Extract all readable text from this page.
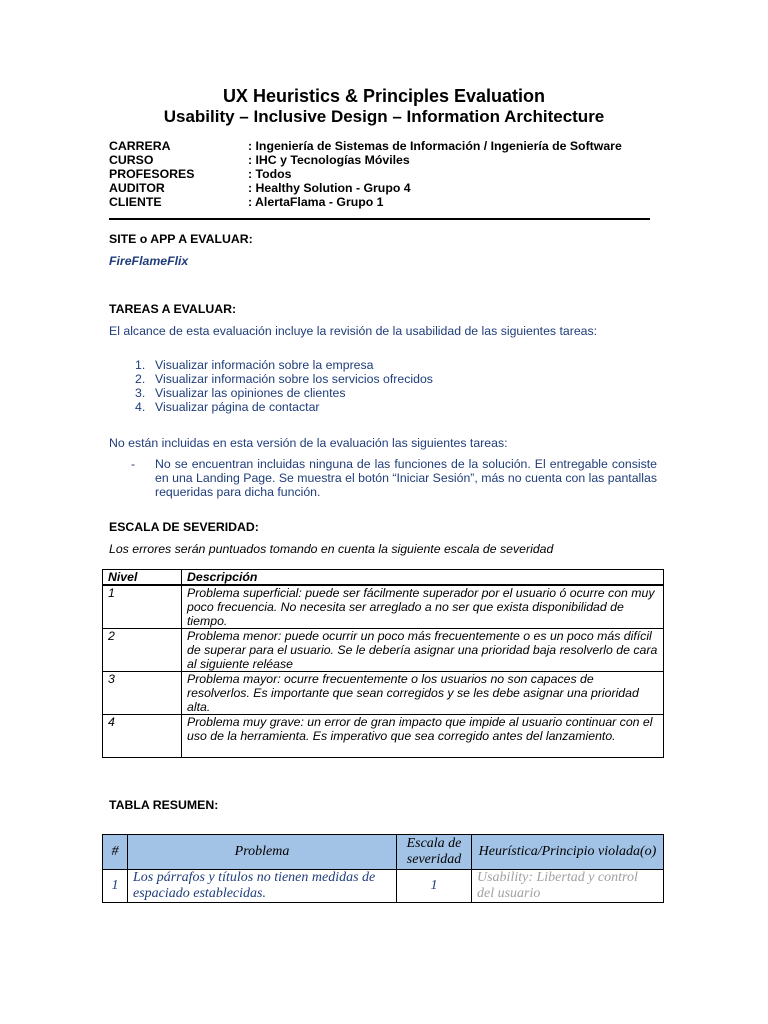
UX Heuristics & Principles Evaluation
Usability – Inclusive Design – Information Architecture
CARRERA	: Ingeniería de Sistemas de Información / Ingeniería de Software
CURSO	: IHC y Tecnologías Móviles
PROFESORES	: Todos
AUDITOR	: Healthy Solution - Grupo 4
CLIENTE	: AlertaFlama - Grupo 1
SITE o APP A EVALUAR:
FireFlameFlix
TAREAS A EVALUAR:
El alcance de esta evaluación incluye la revisión de la usabilidad de las siguientes tareas:
1. Visualizar información sobre la empresa
2. Visualizar información sobre los servicios ofrecidos
3. Visualizar las opiniones de clientes
4. Visualizar página de contactar
No están incluidas en esta versión de la evaluación las siguientes tareas:
-	No se encuentran incluidas ninguna de las funciones de la solución. El entregable consiste en una Landing Page. Se muestra el botón “Iniciar Sesión”, más no cuenta con las pantallas requeridas para dicha función.
ESCALA DE SEVERIDAD:
Los errores serán puntuados tomando en cuenta la siguiente escala de severidad
Nivel	Descripción
1	Problema superficial: puede ser fácilmente superador por el usuario ó ocurre con muy poco frecuencia. No necesita ser arreglado a no ser que exista disponibilidad de tiempo.
2	Problema menor: puede ocurrir un poco más frecuentemente o es un poco más difícil de superar para el usuario. Se le debería asignar una prioridad baja resolverlo de cara al siguiente reléase
3	Problema mayor: ocurre frecuentemente o los usuarios no son capaces de resolverlos. Es importante que sean corregidos y se les debe asignar una prioridad alta.
4	Problema muy grave: un error de gran impacto que impide al usuario continuar con el uso de la herramienta. Es imperativo que sea corregido antes del lanzamiento.
TABLA RESUMEN:
#	Problema	Escala de severidad	Heurística/Principio violada(o)
1	Los párrafos y títulos no tienen medidas de espaciado establecidas.	1	Usability: Libertad y control del usuario
